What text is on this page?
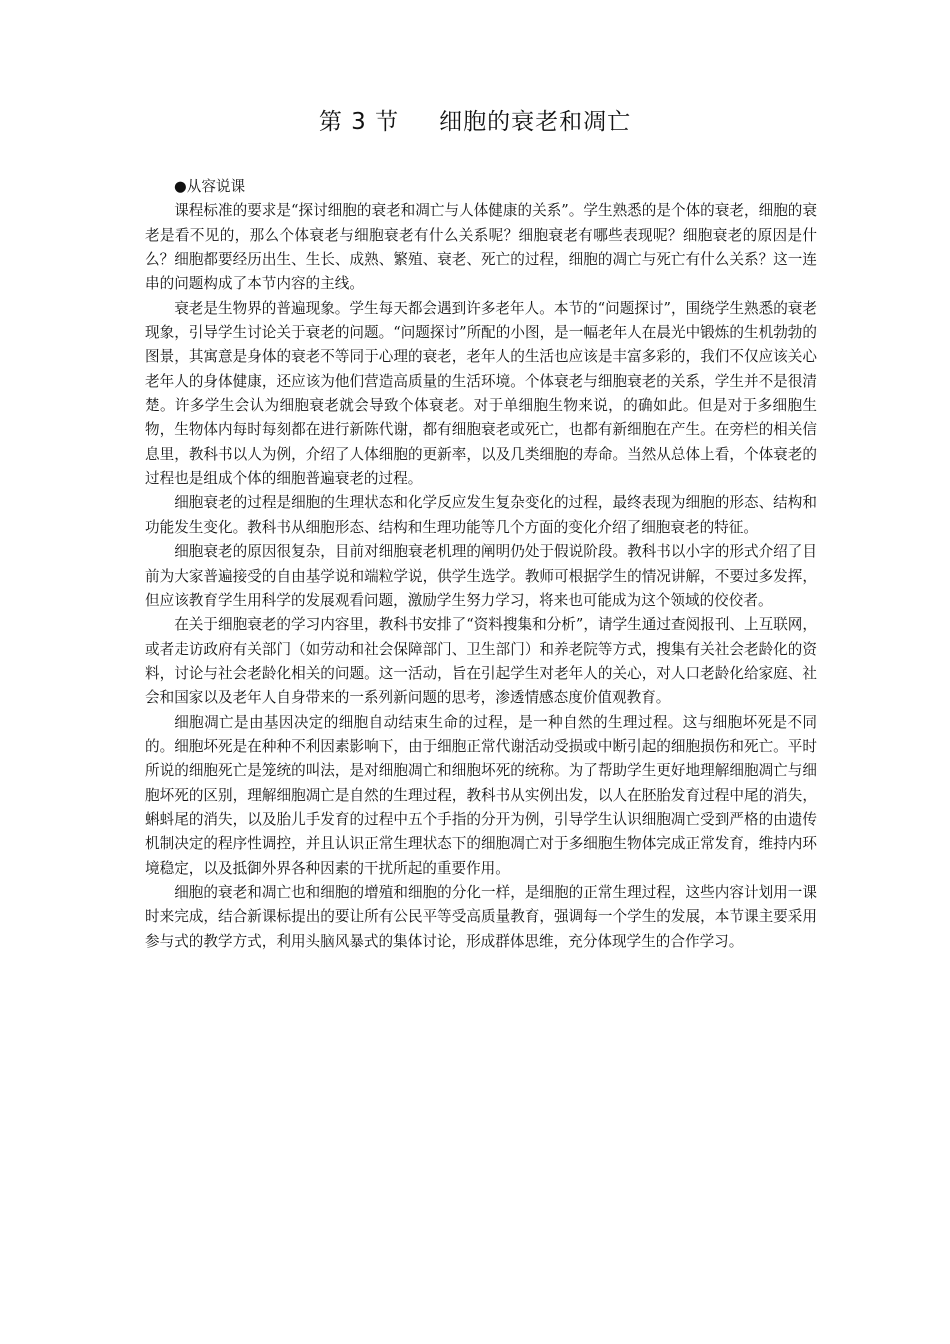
第 3 节 细胞的衰老和凋亡

●从容说课

课程标准的要求是“探讨细胞的衰老和凋亡与人体健康的关系”。学生熟悉的是个体的衰老，细胞的衰老是看不见的，那么个体衰老与细胞衰老有什么关系呢？细胞衰老有哪些表现呢？细胞衰老的原因是什么？细胞都要经历出生、生长、成熟、繁殖、衰老、死亡的过程，细胞的凋亡与死亡有什么关系？这一连串的问题构成了本节内容的主线。

衰老是生物界的普遍现象。学生每天都会遇到许多老年人。本节的“问题探讨”，围绕学生熟悉的衰老现象，引导学生讨论关于衰老的问题。“问题探讨”所配的小图，是一幅老年人在晨光中锻炼的生机勃勃的图景，其寓意是身体的衰老不等同于心理的衰老，老年人的生活也应该是丰富多彩的，我们不仅应该关心老年人的身体健康，还应该为他们营造高质量的生活环境。个体衰老与细胞衰老的关系，学生并不是很清楚。许多学生会认为细胞衰老就会导致个体衰老。对于单细胞生物来说，的确如此。但是对于多细胞生物，生物体内每时每刻都在进行新陈代谢，都有细胞衰老或死亡，也都有新细胞在产生。在旁栏的相关信息里，教科书以人为例，介绍了人体细胞的更新率，以及几类细胞的寿命。当然从总体上看，个体衰老的过程也是组成个体的细胞普遍衰老的过程。

细胞衰老的过程是细胞的生理状态和化学反应发生复杂变化的过程，最终表现为细胞的形态、结构和功能发生变化。教科书从细胞形态、结构和生理功能等几个方面的变化介绍了细胞衰老的特征。

细胞衰老的原因很复杂，目前对细胞衰老机理的阐明仍处于假说阶段。教科书以小字的形式介绍了目前为大家普遍接受的自由基学说和端粒学说，供学生选学。教师可根据学生的情况讲解，不要过多发挥，但应该教育学生用科学的发展观看问题，激励学生努力学习，将来也可能成为这个领域的佼佼者。

在关于细胞衰老的学习内容里，教科书安排了“资料搜集和分析”，请学生通过查阅报刊、上互联网，或者走访政府有关部门（如劳动和社会保障部门、卫生部门）和养老院等方式，搜集有关社会老龄化的资料，讨论与社会老龄化相关的问题。这一活动，旨在引起学生对老年人的关心，对人口老龄化给家庭、社会和国家以及老年人自身带来的一系列新问题的思考，渗透情感态度价值观教育。

细胞凋亡是由基因决定的细胞自动结束生命的过程，是一种自然的生理过程。这与细胞坏死是不同的。细胞坏死是在种种不利因素影响下，由于细胞正常代谢活动受损或中断引起的细胞损伤和死亡。平时所说的细胞死亡是笼统的叫法，是对细胞凋亡和细胞坏死的统称。为了帮助学生更好地理解细胞凋亡与细胞坏死的区别，理解细胞凋亡是自然的生理过程，教科书从实例出发，以人在胚胎发育过程中尾的消失，蝌蚪尾的消失，以及胎儿手发育的过程中五个手指的分开为例，引导学生认识细胞凋亡受到严格的由遗传机制决定的程序性调控，并且认识正常生理状态下的细胞凋亡对于多细胞生物体完成正常发育，维持内环境稳定，以及抵御外界各种因素的干扰所起的重要作用。

细胞的衰老和凋亡也和细胞的增殖和细胞的分化一样，是细胞的正常生理过程，这些内容计划用一课时来完成，结合新课标提出的要让所有公民平等受高质量教育，强调每一个学生的发展，本节课主要采用参与式的教学方式，利用头脑风暴式的集体讨论，形成群体思维，充分体现学生的合作学习。
